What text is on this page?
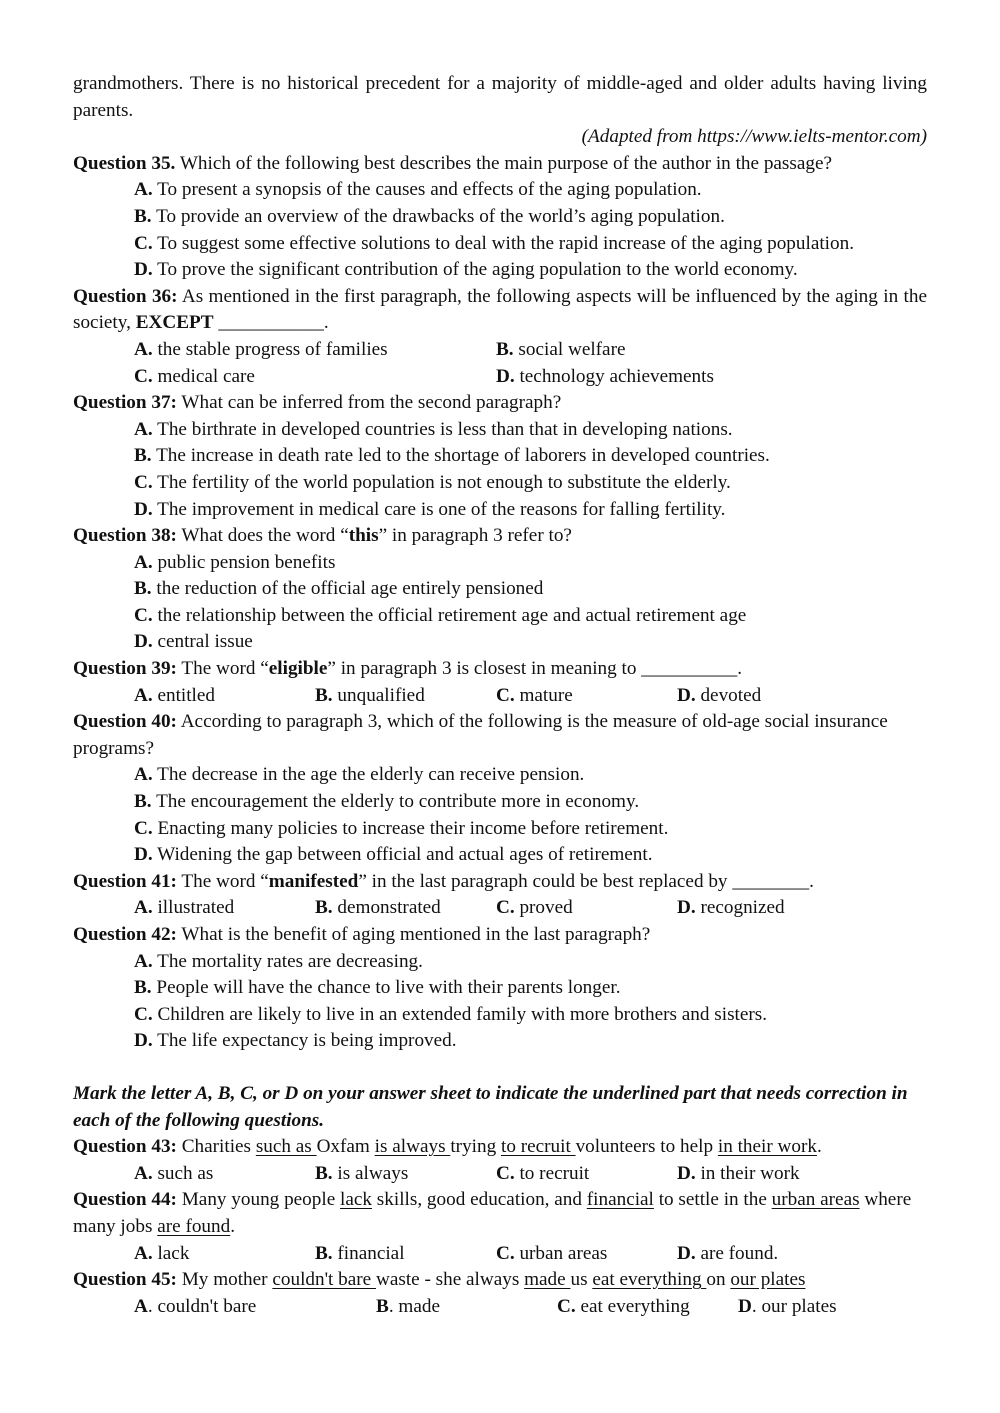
grandmothers. There is no historical precedent for a majority of middle-aged and older adults having living parents.

(Adapted from https://www.ielts-mentor.com)

Question 35. Which of the following best describes the main purpose of the author in the passage?

A. To present a synopsis of the causes and effects of the aging population.

B. To provide an overview of the drawbacks of the world’s aging population.

C. To suggest some effective solutions to deal with the rapid increase of the aging population.

D. To prove the significant contribution of the aging population to the world economy.

Question 36: As mentioned in the first paragraph, the following aspects will be influenced by the aging in the society, EXCEPT ___________.

A. the stable progress of families	B. social welfare
C. medical care	D. technology achievements

Question 37: What can be inferred from the second paragraph?

A. The birthrate in developed countries is less than that in developing nations.

B. The increase in death rate led to the shortage of laborers in developed countries.

C. The fertility of the world population is not enough to substitute the elderly.

D. The improvement in medical care is one of the reasons for falling fertility.

Question 38: What does the word “this” in paragraph 3 refer to?

A. public pension benefits

B. the reduction of the official age entirely pensioned

C. the relationship between the official retirement age and actual retirement age

D. central issue

Question 39: The word “eligible” in paragraph 3 is closest in meaning to __________.

A. entitled	B. unqualified	C. mature	D. devoted

Question 40: According to paragraph 3, which of the following is the measure of old-age social insurance programs?

A. The decrease in the age the elderly can receive pension.

B. The encouragement the elderly to contribute more in economy.

C. Enacting many policies to increase their income before retirement.

D. Widening the gap between official and actual ages of retirement.

Question 41: The word “manifested” in the last paragraph could be best replaced by ________.

A. illustrated	B. demonstrated	C. proved	D. recognized

Question 42: What is the benefit of aging mentioned in the last paragraph?

A. The mortality rates are decreasing.

B. People will have the chance to live with their parents longer.

C. Children are likely to live in an extended family with more brothers and sisters.

D. The life expectancy is being improved.

Mark the letter A, B, C, or D on your answer sheet to indicate the underlined part that needs correction in each of the following questions.

Question 43: Charities such as Oxfam is always trying to recruit volunteers to help in their work.

A. such as	B. is always	C. to recruit	D. in their work

Question 44: Many young people lack skills, good education, and financial to settle in the urban areas where many jobs are found.

A. lack	B. financial	C. urban areas	D. are found.

Question 45: My mother couldn't bare waste - she always made us eat everything on our plates

A. couldn't bare	B. made	C. eat everything	D. our plates
